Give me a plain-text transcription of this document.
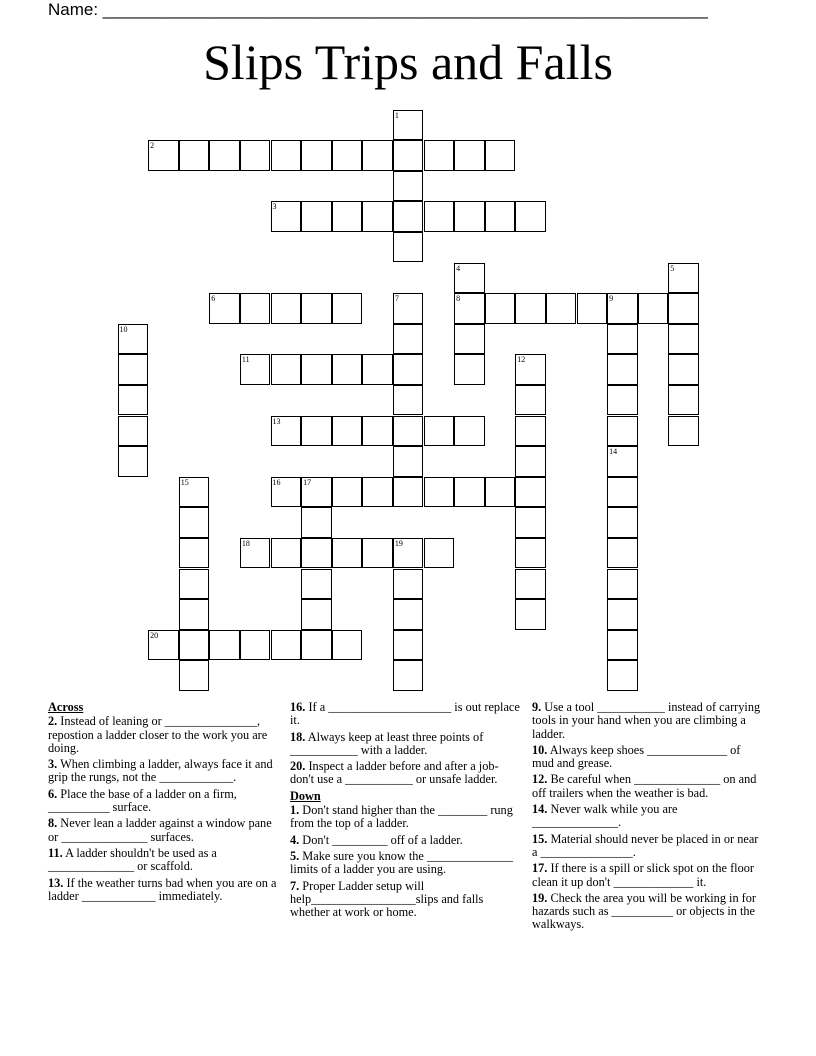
Name: ________________________________________________________________
Slips Trips and Falls
1
2
3
4
8
5
6	7	9
10
11	12
13
14
15	16	17
18	19
20
Across
2. Instead of leaning or _______________, repostion a ladder closer to the work you are doing.
3. When climbing a ladder, always face it and grip the rungs, not the ____________.
6. Place the base of a ladder on a firm, __________ surface.
8. Never lean a ladder against a window pane or ______________ surfaces.
11. A ladder shouldn't be used as a ______________ or scaffold.
13. If the weather turns bad when you are on a ladder ____________ immediately.
16. If a ____________________ is out replace it.
18. Always keep at least three points of ___________ with a ladder.
20. Inspect a ladder before and after a job-don't use a ___________ or unsafe ladder.
Down
1. Don't stand higher than the ________ rung from the top of a ladder.
4. Don't _________ off of a ladder.
5. Make sure you know the ______________ limits of a ladder you are using.
7. Proper Ladder setup will help_________________slips and falls whether at work or home.
9. Use a tool ___________ instead of carrying tools in your hand when you are climbing a ladder.
10. Always keep shoes _____________ of mud and grease.
12. Be careful when ______________ on and off trailers when the weather is bad.
14. Never walk while you are ______________.
15. Material should never be placed in or near a _______________.
17. If there is a spill or slick spot on the floor clean it up don't _____________ it.
19. Check the area you will be working in for hazards such as __________ or objects in the walkways.
